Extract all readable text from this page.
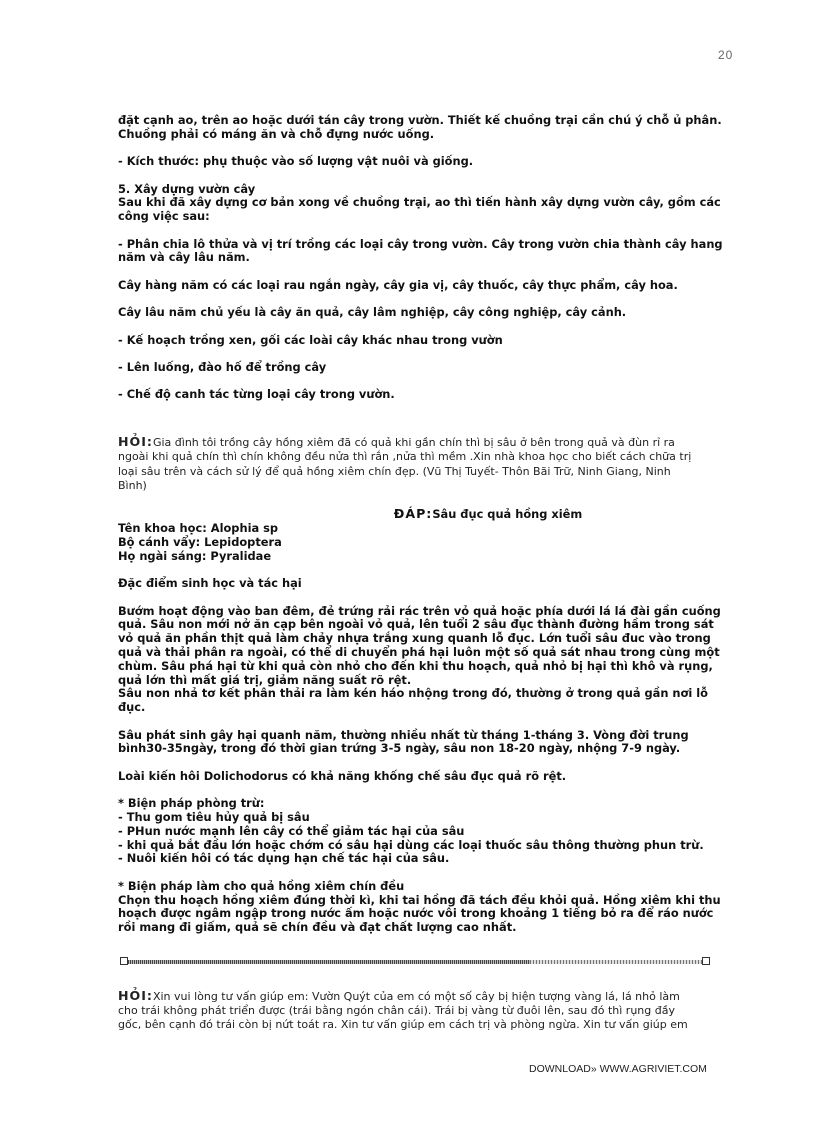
20
đặt cạnh ao, trên ao hoặc dưới tán cây trong vườn. Thiết kế chuồng trại cần chú ý chỗ ủ phân.
Chuồng phải có máng ăn và chỗ đựng nước uống.
- Kích thước: phụ thuộc vào số lượng vật nuôi và giống.
5. Xây dựng vườn cây
Sau khi đã xây dựng cơ bản xong về chuồng trại, ao thì tiến hành xây dựng vườn cây, gồm các
công việc sau:
- Phân chia lô thửa và vị trí trồng các loại cây trong vườn. Cây trong vườn chia thành cây hang
năm và cây lâu năm.
Cây hàng năm có các loại rau ngắn ngày, cây gia vị, cây thuốc, cây thực phẩm, cây hoa.
Cây lâu năm chủ yếu là cây ăn quả, cây lâm nghiệp, cây công nghiệp, cây cảnh.
- Kế hoạch trồng xen, gối các loài cây khác nhau trong vườn
- Lên luống, đào hố để trồng cây
- Chế độ canh tác từng loại cây trong vườn.
HỎI:Gia đình tôi trồng cây hồng xiêm đã có quả khi gần chín thì bị sâu ở bên trong quả và đùn rỉ ra
ngoài khi quả chín thì chín không đều nửa thì rắn ,nửa thì mềm .Xin nhà khoa học cho biết cách chữa trị
loại sâu trên và cách sử lý để quả hồng xiêm chín đẹp. (Vũ Thị Tuyết- Thôn Bãi Trữ, Ninh Giang, Ninh
Bình)
ĐÁP:Sâu đục quả hồng xiêm
Tên khoa học: Alophia sp
Bộ cánh vẩy: Lepidoptera
Họ ngài sáng: Pyralidae
Đặc điểm sinh học và tác hại
Bướm hoạt động vào ban đêm, đẻ trứng rải rác trên vỏ quả hoặc phía dưới lá lá đài gần cuống
quả. Sâu non mới nở ăn cạp bên ngoài vỏ quả, lên tuổi 2 sâu đục thành đường hầm trong sát
vỏ quả ăn phần thịt quả làm chảy nhựa trắng xung quanh lỗ đục. Lớn tuổi sâu đuc vào trong
quả và thải phân ra ngoài, có thể di chuyển phá hại luôn một số quả sát nhau trong cùng một
chùm. Sâu phá hại từ khi quả còn nhỏ cho đến khi thu hoạch, quả nhỏ bị hại thì khô và rụng,
quả lớn thì mất giá trị, giảm năng suất rõ rệt.
Sâu non nhả tơ kết phân thải ra làm kén háo nhộng trong đó, thường ở trong quả gần nơi lỗ
đục.
Sâu phát sinh gây hại quanh năm, thường nhiều nhất từ tháng 1-tháng 3. Vòng đời trung
bình30-35ngày, trong đó thời gian trứng 3-5 ngày, sâu non 18-20 ngày, nhộng 7-9 ngày.
Loài kiến hôi Dolichodorus có khả năng khống chế sâu đục quả rõ rệt.
* Biện pháp phòng trừ:
- Thu gom tiêu hủy quả bị sâu
- PHun nước mạnh lên cây có thể giảm tác hại của sâu
- khi quả bắt đầu lớn hoặc chớm có sâu hại dùng các loại thuốc sâu thông thường phun trừ.
- Nuôi kiến hôi có tác dụng hạn chế tác hại của sâu.
* Biện pháp làm cho quả hồng xiêm chín đều
Chọn thu hoạch hồng xiêm đúng thời kì, khi tai hồng đã tách đều khỏi quả. Hồng xiêm khi thu
hoạch được ngâm ngập trong nước ấm hoặc nước vôi trong khoảng 1 tiếng bỏ ra để ráo nước
rồi mang đi giấm, quả sẽ chín đều và đạt chất lượng cao nhất.
HỎI:Xin vui lòng tư vấn giúp em: Vườn Quýt của em có một số cây bị hiện tượng vàng lá, lá nhỏ làm
cho trái không phát triển được (trái bằng ngón chân cái). Trái bị vàng từ đuôi lên, sau đó thì rụng đầy
gốc, bên cạnh đó trái còn bị nứt toát ra. Xin tư vấn giúp em cách trị và phòng ngừa. Xin tư vấn giúp em
DOWNLOAD» WWW.AGRIVIET.COM
